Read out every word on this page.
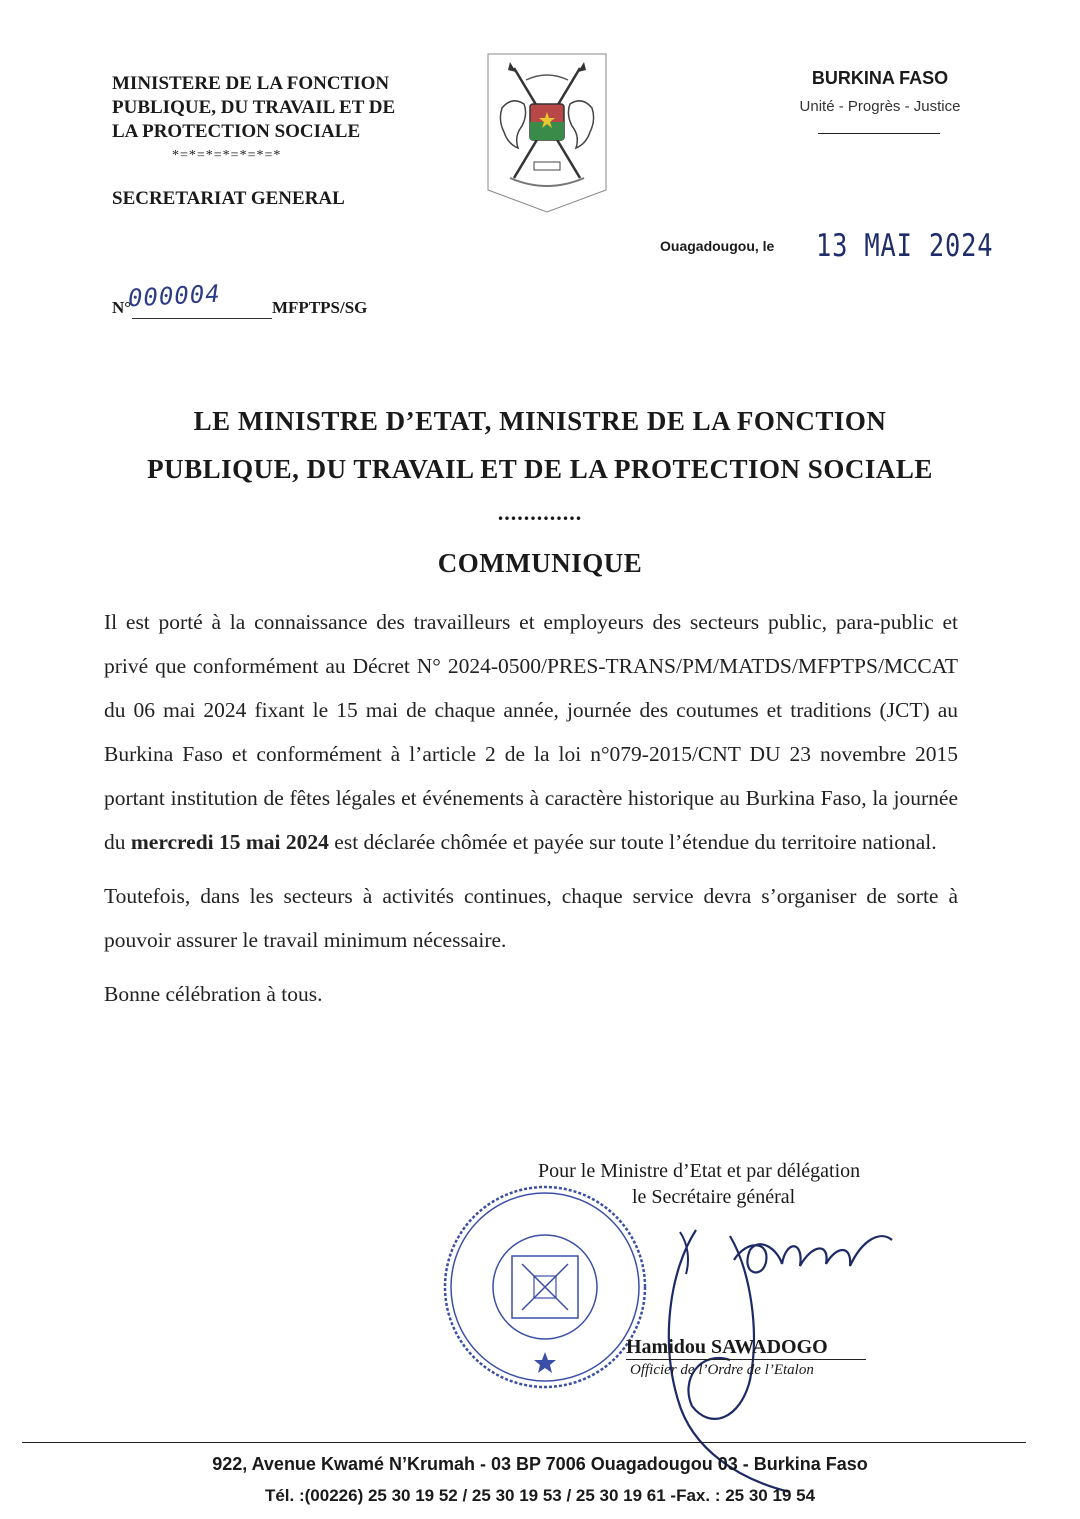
MINISTERE DE LA FONCTION
PUBLIQUE, DU TRAVAIL ET DE
LA PROTECTION SOCIALE
*=*=*=*=*=*=*
SECRETARIAT GENERAL
BURKINA FASO
Unité - Progrès - Justice
Ouagadougou, le 13 MAI 2024
N°
000004	MFPTPS/SG
LE MINISTRE D’ETAT, MINISTRE DE LA FONCTION
PUBLIQUE, DU TRAVAIL ET DE LA PROTECTION SOCIALE
.............
COMMUNIQUE

Il est porté à la connaissance des travailleurs et employeurs des secteurs public, para-public et privé que conformément au Décret N° 2024-0500/PRES-TRANS/PM/MATDS/MFPTPS/MCCAT du 06 mai 2024 fixant le 15 mai de chaque année, journée des coutumes et traditions (JCT) au Burkina Faso et conformément à l’article 2 de la loi n°079-2015/CNT DU 23 novembre 2015 portant institution de fêtes légales et événements à caractère historique au Burkina Faso, la journée du mercredi 15 mai 2024 est déclarée chômée et payée sur toute l’étendue du territoire national.

Toutefois, dans les secteurs à activités continues, chaque service devra s’organiser de sorte à pouvoir assurer le travail minimum nécessaire.

Bonne célébration à tous.

Pour le Ministre d’Etat et par délégation
le Secrétaire général
Hamidou SAWADOGO
Officier de l’Ordre de l’Etalon
922, Avenue Kwamé N’Krumah - 03 BP 7006 Ouagadougou 03 - Burkina Faso
Tél. :(00226) 25 30 19 52 / 25 30 19 53 / 25 30 19 61 -Fax. : 25 30 19 54
